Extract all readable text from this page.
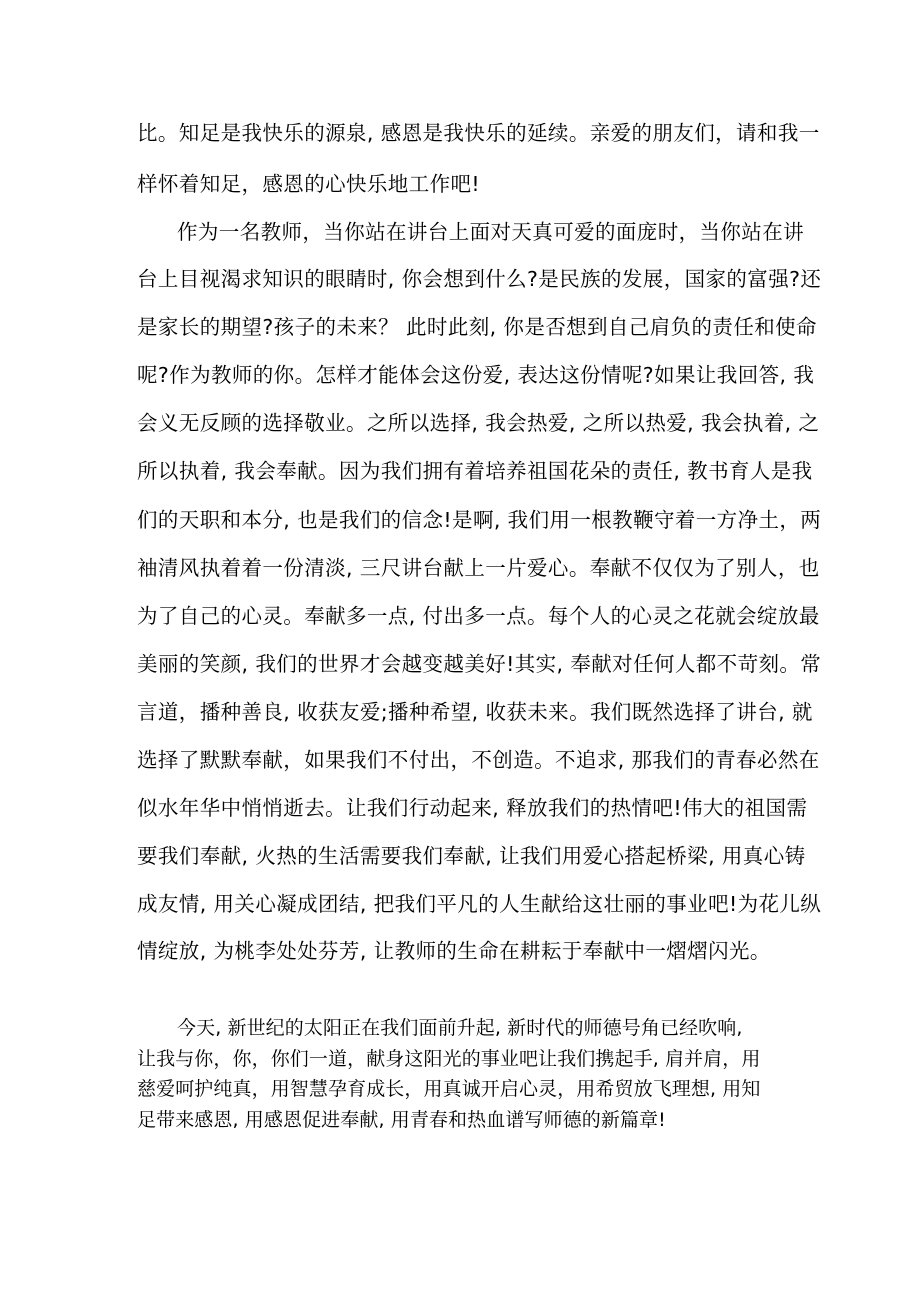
比。知足是我快乐的源泉, 感恩是我快乐的延续。亲爱的朋友们，请和我一
样怀着知足，感恩的心快乐地工作吧!
作为一名教师，当你站在讲台上面对天真可爱的面庞时，当你站在讲
台上目视渴求知识的眼睛时, 你会想到什么?是民族的发展，国家的富强?还
是家长的期望?孩子的未来？ 此时此刻, 你是否想到自己肩负的责任和使命
呢?作为教师的你。怎样才能体会这份爱, 表达这份情呢?如果让我回答, 我
会义无反顾的选择敬业。之所以选择, 我会热爱, 之所以热爱, 我会执着, 之
所以执着, 我会奉献。因为我们拥有着培养祖国花朵的责任, 教书育人是我
们的天职和本分, 也是我们的信念!是啊, 我们用一根教鞭守着一方净土，两
袖清风执着着一份清淡, 三尺讲台献上一片爱心。奉献不仅仅为了别人，也
为了自己的心灵。奉献多一点, 付出多一点。每个人的心灵之花就会绽放最
美丽的笑颜, 我们的世界才会越变越美好!其实, 奉献对任何人都不苛刻。常
言道，播种善良, 收获友爱;播种希望, 收获未来。我们既然选择了讲台, 就
选择了默默奉献，如果我们不付出，不创造。不追求, 那我们的青春必然在
似水年华中悄悄逝去。让我们行动起来, 释放我们的热情吧!伟大的祖国需
要我们奉献, 火热的生活需要我们奉献, 让我们用爱心搭起桥梁, 用真心铸
成友情, 用关心凝成团结, 把我们平凡的人生献给这壮丽的事业吧!为花儿纵
情绽放, 为桃李处处芬芳, 让教师的生命在耕耘于奉献中一熠熠闪光。
今天, 新世纪的太阳正在我们面前升起, 新时代的师德号角已经吹响,
让我与你，你，你们一道，献身这阳光的事业吧让我们携起手, 肩并肩，用
慈爱呵护纯真，用智慧孕育成长，用真诚开启心灵，用希贸放飞理想, 用知
足带来感恩, 用感恩促进奉献, 用青春和热血谱写师德的新篇章!
